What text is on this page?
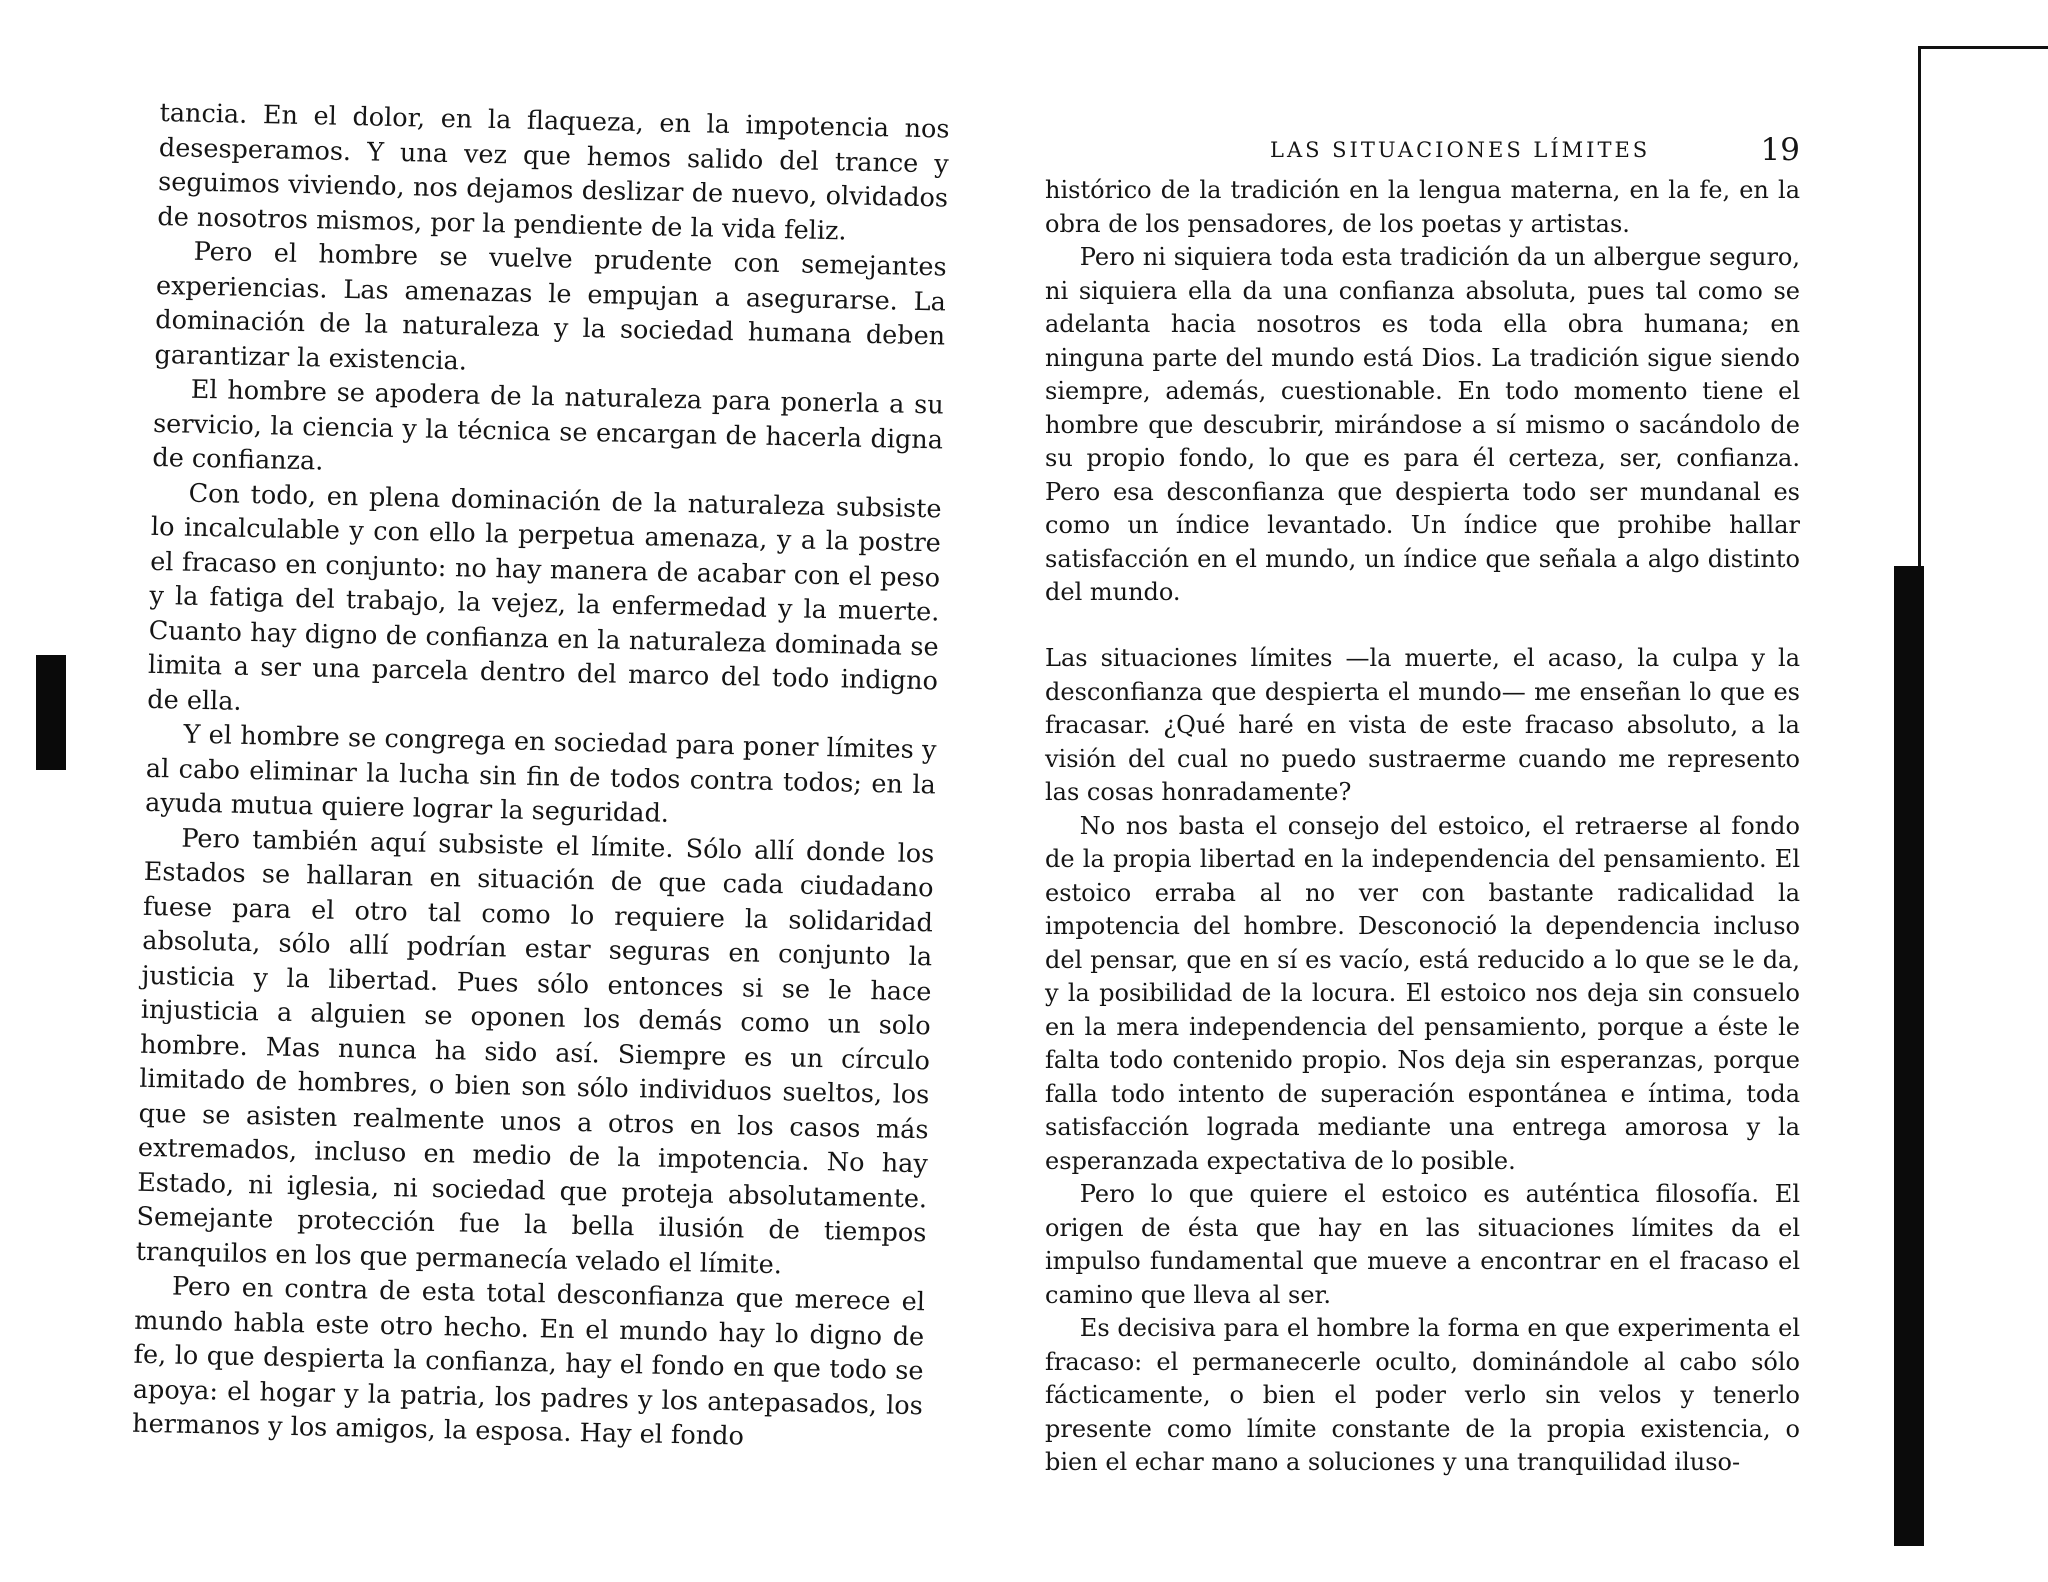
tancia. En el dolor, en la flaqueza, en la impotencia nos desesperamos. Y una vez que hemos salido del trance y seguimos viviendo, nos dejamos deslizar de nuevo, olvidados de nosotros mismos, por la pendiente de la vida feliz.

Pero el hombre se vuelve prudente con semejantes experiencias. Las amenazas le empujan a asegurarse. La dominación de la naturaleza y la sociedad humana deben garantizar la existencia.

El hombre se apodera de la naturaleza para ponerla a su servicio, la ciencia y la técnica se encargan de hacerla digna de confianza.

Con todo, en plena dominación de la naturaleza subsiste lo incalculable y con ello la perpetua amenaza, y a la postre el fracaso en conjunto: no hay manera de acabar con el peso y la fatiga del trabajo, la vejez, la enfermedad y la muerte. Cuanto hay digno de confianza en la naturaleza dominada se limita a ser una parcela dentro del marco del todo indigno de ella.

Y el hombre se congrega en sociedad para poner límites y al cabo eliminar la lucha sin fin de todos contra todos; en la ayuda mutua quiere lograr la seguridad.

Pero también aquí subsiste el límite. Sólo allí donde los Estados se hallaran en situación de que cada ciudadano fuese para el otro tal como lo requiere la solidaridad absoluta, sólo allí podrían estar seguras en conjunto la justicia y la libertad. Pues sólo entonces si se le hace injusticia a alguien se oponen los demás como un solo hombre. Mas nunca ha sido así. Siempre es un círculo limitado de hombres, o bien son sólo individuos sueltos, los que se asisten realmente unos a otros en los casos más extremados, incluso en medio de la impotencia. No hay Estado, ni iglesia, ni sociedad que proteja absolutamente. Semejante protección fue la bella ilusión de tiempos tranquilos en los que permanecía velado el límite.

Pero en contra de esta total desconfianza que merece el mundo habla este otro hecho. En el mundo hay lo digno de fe, lo que despierta la confianza, hay el fondo en que todo se apoya: el hogar y la patria, los padres y los antepasados, los hermanos y los amigos, la esposa. Hay el fondo

LAS SITUACIONES LÍMITES	19

histórico de la tradición en la lengua materna, en la fe, en la obra de los pensadores, de los poetas y artistas.

Pero ni siquiera toda esta tradición da un albergue seguro, ni siquiera ella da una confianza absoluta, pues tal como se adelanta hacia nosotros es toda ella obra humana; en ninguna parte del mundo está Dios. La tradición sigue siendo siempre, además, cuestionable. En todo momento tiene el hombre que descubrir, mirándose a sí mismo o sacándolo de su propio fondo, lo que es para él certeza, ser, confianza. Pero esa desconfianza que despierta todo ser mundanal es como un índice levantado. Un índice que prohibe hallar satisfacción en el mundo, un índice que señala a algo distinto del mundo.

Las situaciones límites —la muerte, el acaso, la culpa y la desconfianza que despierta el mundo— me enseñan lo que es fracasar. ¿Qué haré en vista de este fracaso absoluto, a la visión del cual no puedo sustraerme cuando me represento las cosas honradamente?

No nos basta el consejo del estoico, el retraerse al fondo de la propia libertad en la independencia del pensamiento. El estoico erraba al no ver con bastante radicalidad la impotencia del hombre. Desconoció la dependencia incluso del pensar, que en sí es vacío, está reducido a lo que se le da, y la posibilidad de la locura. El estoico nos deja sin consuelo en la mera independencia del pensamiento, porque a éste le falta todo contenido propio. Nos deja sin esperanzas, porque falla todo intento de superación espontánea e íntima, toda satisfacción lograda mediante una entrega amorosa y la esperanzada expectativa de lo posible.

Pero lo que quiere el estoico es auténtica filosofía. El origen de ésta que hay en las situaciones límites da el impulso fundamental que mueve a encontrar en el fracaso el camino que lleva al ser.

Es decisiva para el hombre la forma en que experimenta el fracaso: el permanecerle oculto, dominándole al cabo sólo fácticamente, o bien el poder verlo sin velos y tenerlo presente como límite constante de la propia existencia, o bien el echar mano a soluciones y una tranquilidad iluso-
